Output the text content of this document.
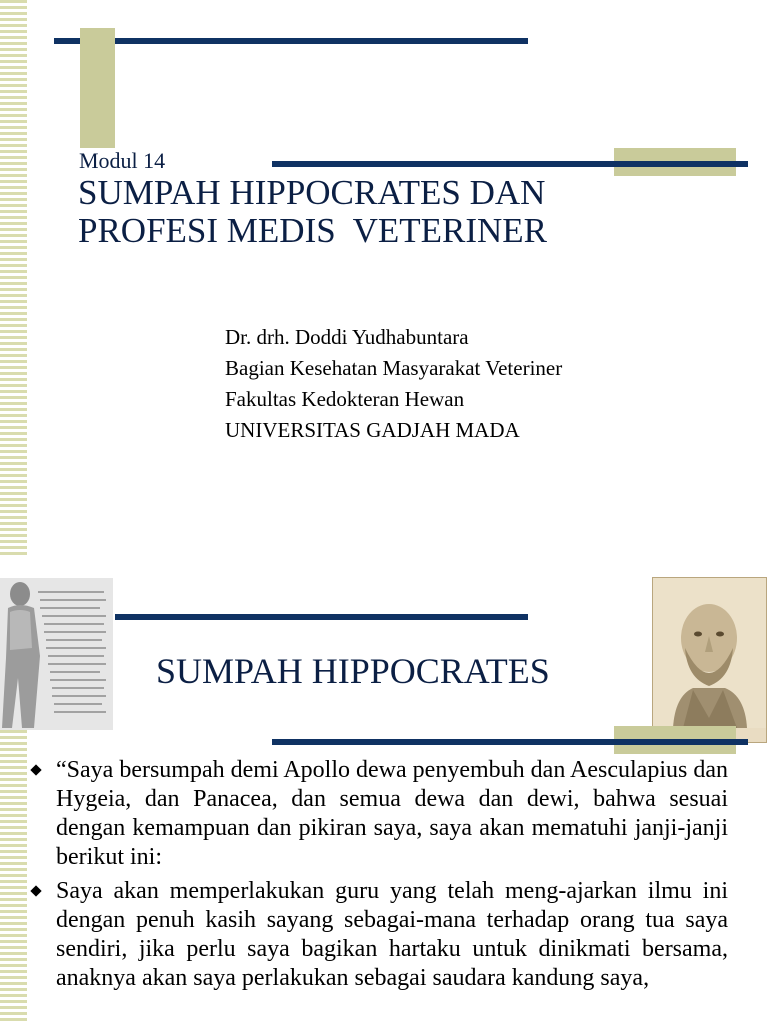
Modul 14
SUMPAH HIPPOCRATES DAN
PROFESI MEDIS  VETERINER
Dr. drh. Doddi Yudhabuntara
Bagian Kesehatan Masyarakat Veteriner
Fakultas Kedokteran Hewan
UNIVERSITAS GADJAH MADA
SUMPAH HIPPOCRATES
“Saya bersumpah demi Apollo dewa penyembuh dan Aesculapius dan Hygeia, dan Panacea, dan semua dewa dan dewi, bahwa sesuai dengan kemampuan dan pikiran saya, saya akan mematuhi janji-janji berikut ini:
Saya akan memperlakukan guru yang telah meng-ajarkan ilmu ini dengan penuh kasih sayang sebagai-mana terhadap orang tua saya sendiri, jika perlu saya bagikan hartaku untuk dinikmati bersama, anaknya akan saya perlakukan sebagai saudara kandung saya,
